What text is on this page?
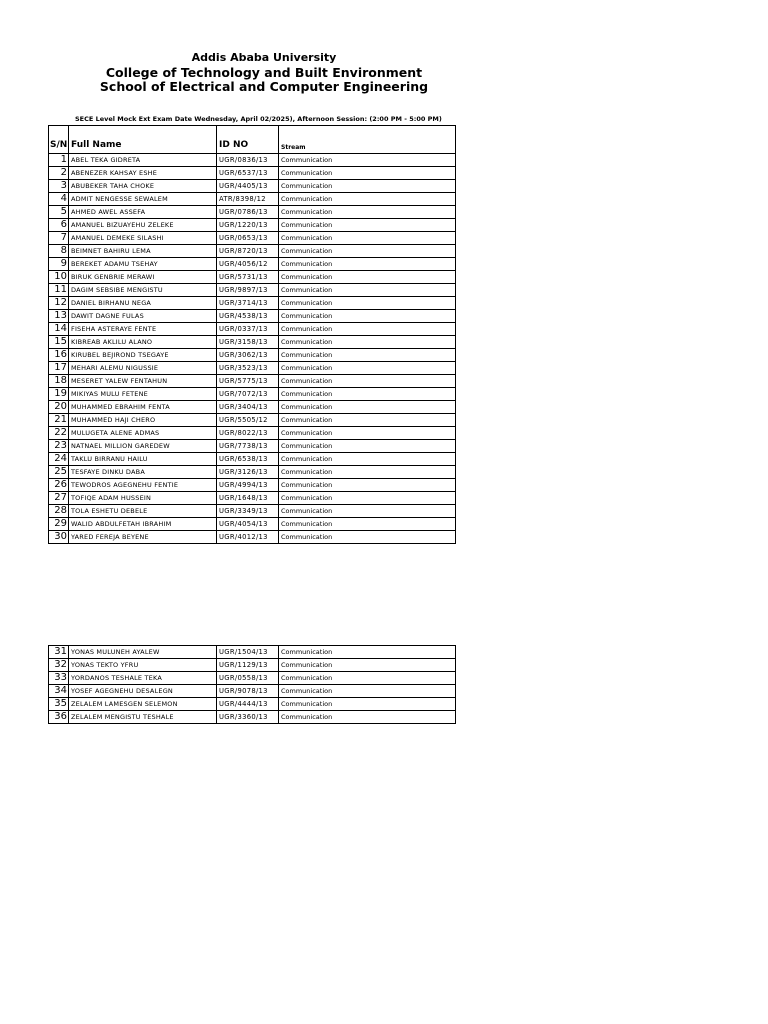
Addis Ababa University
College of Technology and Built Environment
School of Electrical and Computer Engineering
SECE Level Mock Ext Exam Date Wednesday, April 02/2025), Afternoon Session: (2:00 PM - 5:00 PM)
S/N	Full Name	ID NO	Stream
1	ABEL TEKA GIDRETA	UGR/0836/13	Communication
2	ABENEZER KAHSAY ESHE	UGR/6537/13	Communication
3	ABUBEKER TAHA CHOKE	UGR/4405/13	Communication
4	ADMIT NENGESSE SEWALEM	ATR/8398/12	Communication
5	AHMED AWEL ASSEFA	UGR/0786/13	Communication
6	AMANUEL BIZUAYEHU ZELEKE	UGR/1220/13	Communication
7	AMANUEL DEMEKE SILASHI	UGR/0653/13	Communication
8	BEIMNET BAHIRU LEMA	UGR/8720/13	Communication
9	BEREKET ADAMU TSEHAY	UGR/4056/12	Communication
10	BIRUK GENBRIE MERAWI	UGR/5731/13	Communication
11	DAGIM SEBSIBE MENGISTU	UGR/9897/13	Communication
12	DANIEL BIRHANU NEGA	UGR/3714/13	Communication
13	DAWIT DAGNE FULAS	UGR/4538/13	Communication
14	FISEHA ASTERAYE FENTE	UGR/0337/13	Communication
15	KIBREAB AKLILU ALANO	UGR/3158/13	Communication
16	KIRUBEL BEJIROND TSEGAYE	UGR/3062/13	Communication
17	MEHARI ALEMU NIGUSSIE	UGR/3523/13	Communication
18	MESERET YALEW FENTAHUN	UGR/5775/13	Communication
19	MIKIYAS MULU FETENE	UGR/7072/13	Communication
20	MUHAMMED EBRAHIM FENTA	UGR/3404/13	Communication
21	MUHAMMED HAJI CHERO	UGR/5505/12	Communication
22	MULUGETA ALENE ADMAS	UGR/8022/13	Communication
23	NATNAEL MILLION GAREDEW	UGR/7738/13	Communication
24	TAKLU BIRRANU HAILU	UGR/6538/13	Communication
25	TESFAYE DINKU DABA	UGR/3126/13	Communication
26	TEWODROS AGEGNEHU FENTIE	UGR/4994/13	Communication
27	TOFIQE ADAM HUSSEIN	UGR/1648/13	Communication
28	TOLA ESHETU DEBELE	UGR/3349/13	Communication
29	WALID ABDULFETAH IBRAHIM	UGR/4054/13	Communication
30	YARED FEREJA BEYENE	UGR/4012/13	Communication
31	YONAS MULUNEH AYALEW	UGR/1504/13	Communication
32	YONAS TEKTO YFRU	UGR/1129/13	Communication
33	YORDANOS TESHALE TEKA	UGR/0558/13	Communication
34	YOSEF AGEGNEHU DESALEGN	UGR/9078/13	Communication
35	ZELALEM LAMESGEN SELEMON	UGR/4444/13	Communication
36	ZELALEM MENGISTU TESHALE	UGR/3360/13	Communication
